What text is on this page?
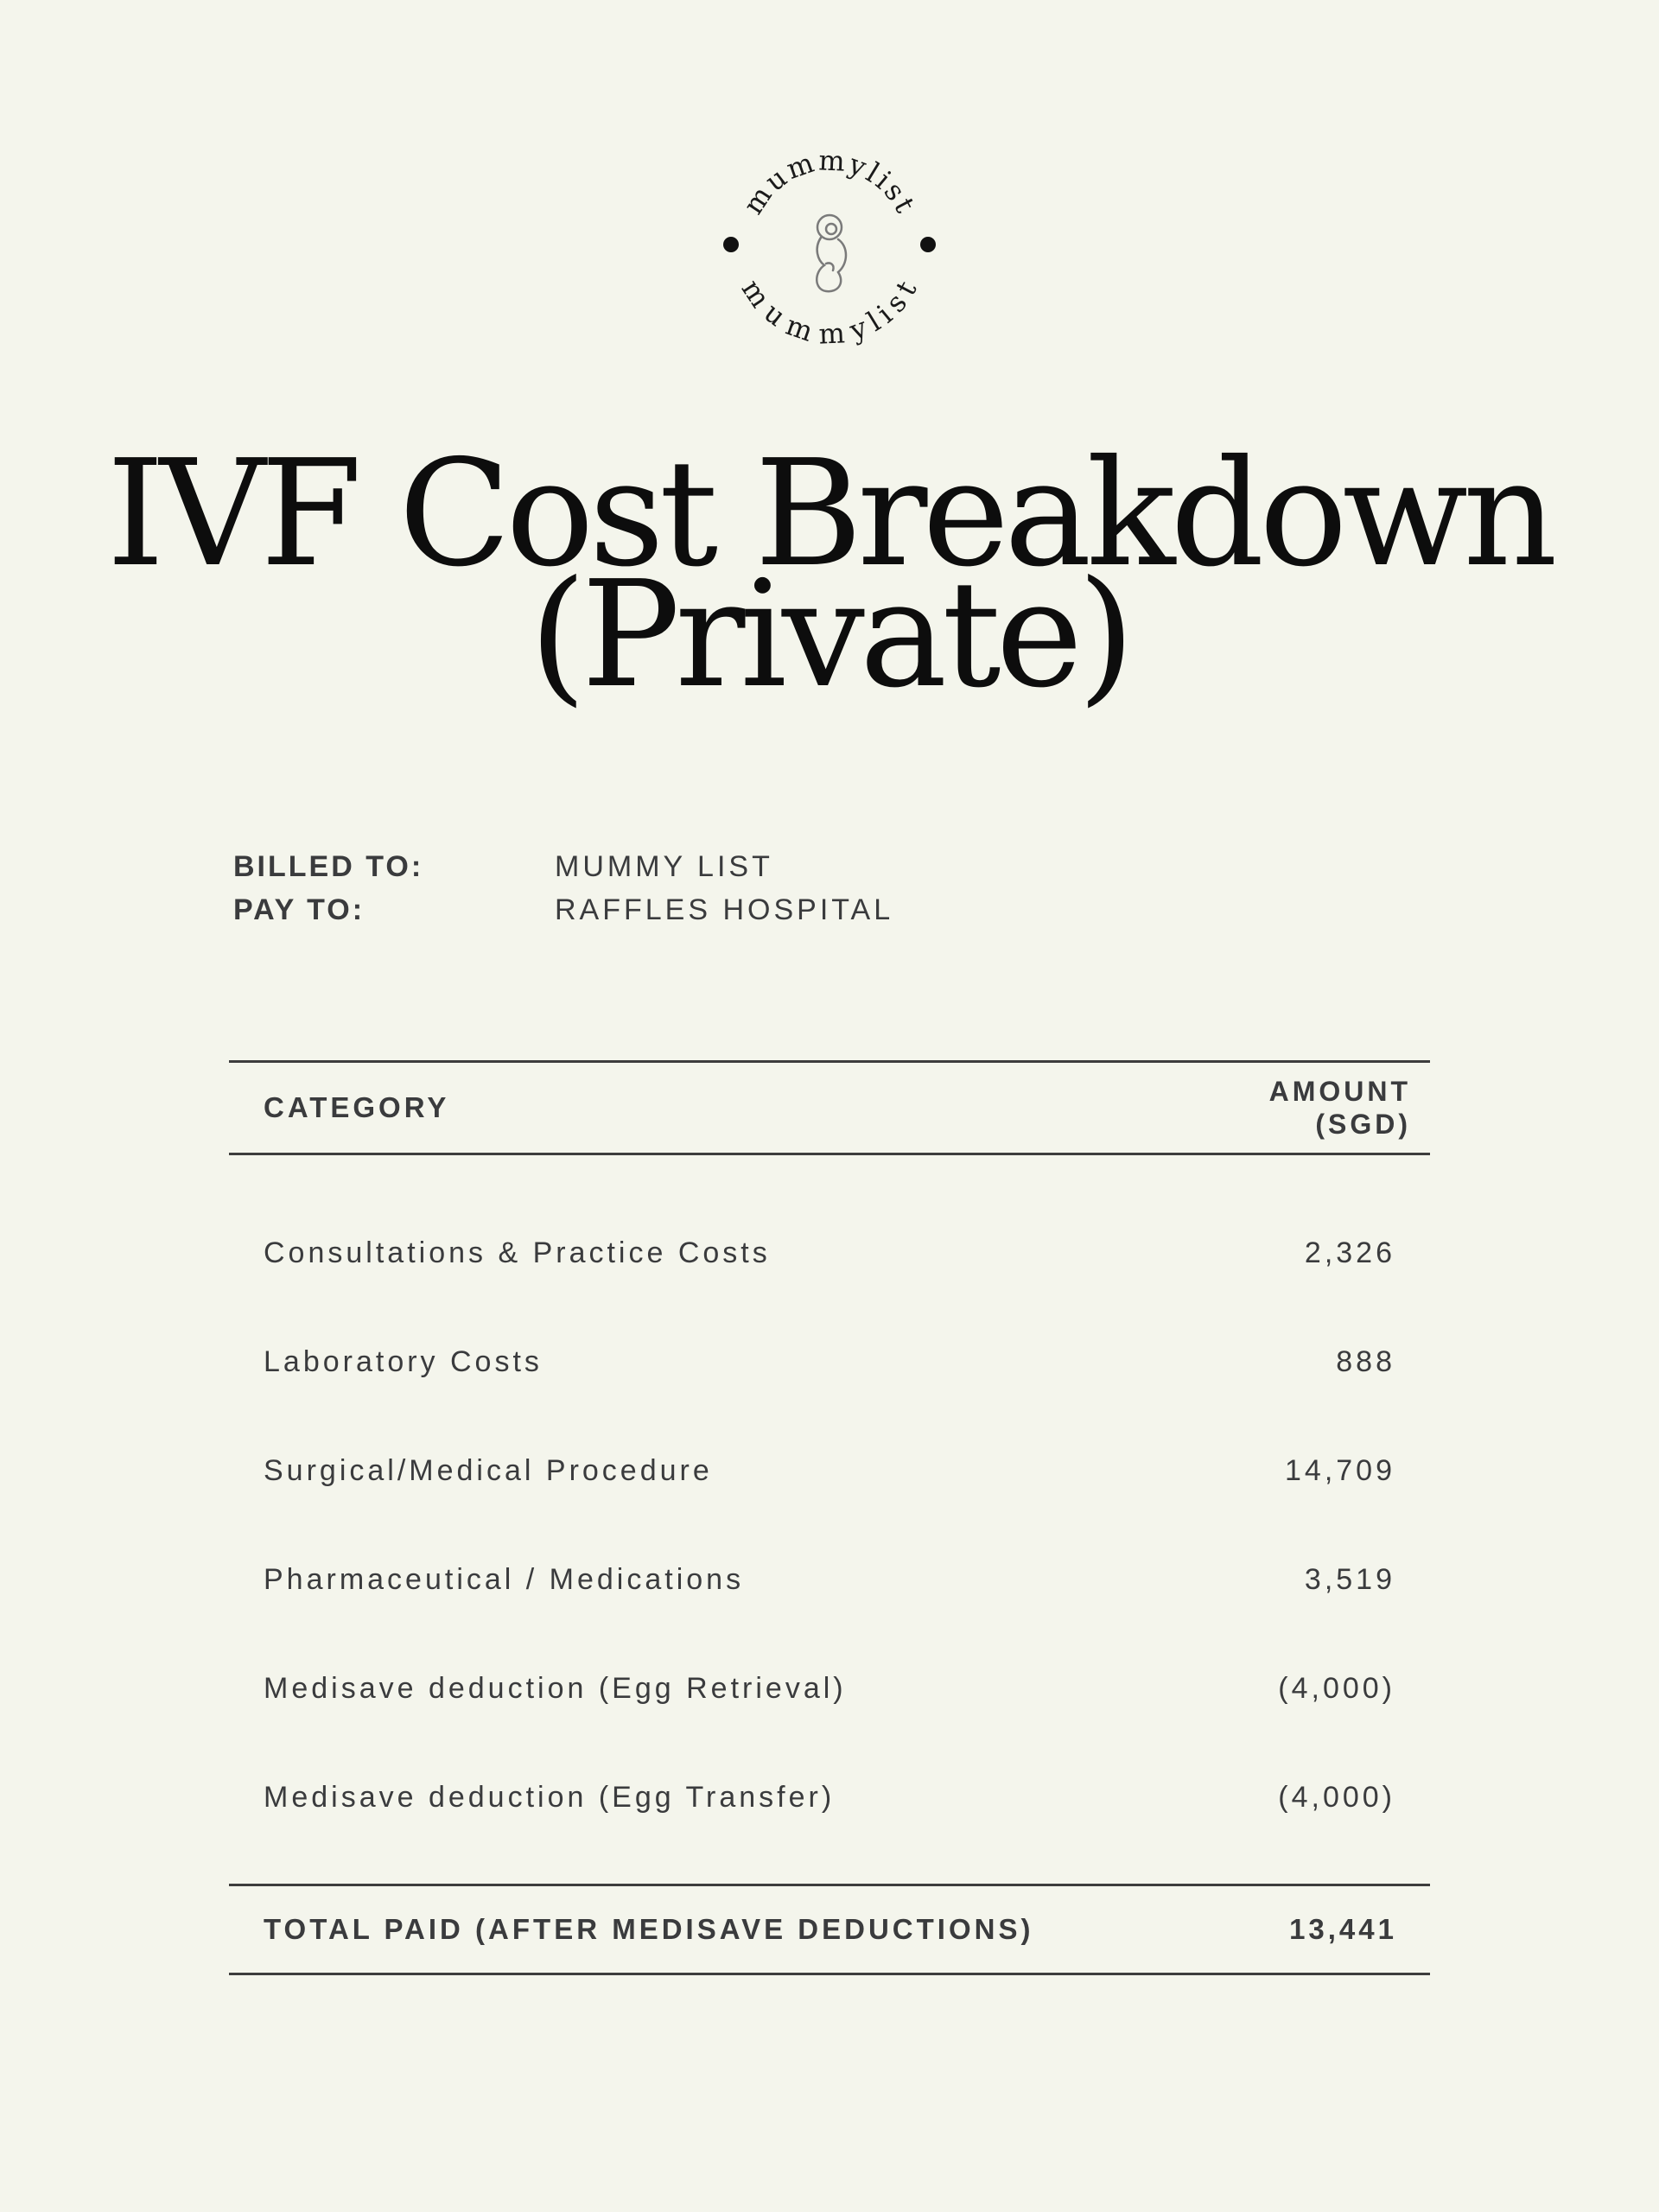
mummylist
mummylist
IVF Cost Breakdown
(Private)
BILLED TO:	MUMMY LIST
PAY TO:	RAFFLES HOSPITAL
CATEGORY	AMOUNT
(SGD)
Consultations & Practice Costs	2,326
Laboratory Costs	888
Surgical/Medical Procedure	14,709
Pharmaceutical / Medications	3,519
Medisave deduction (Egg Retrieval)	(4,000)
Medisave deduction (Egg Transfer)	(4,000)
TOTAL PAID (AFTER MEDISAVE DEDUCTIONS)	13,441
